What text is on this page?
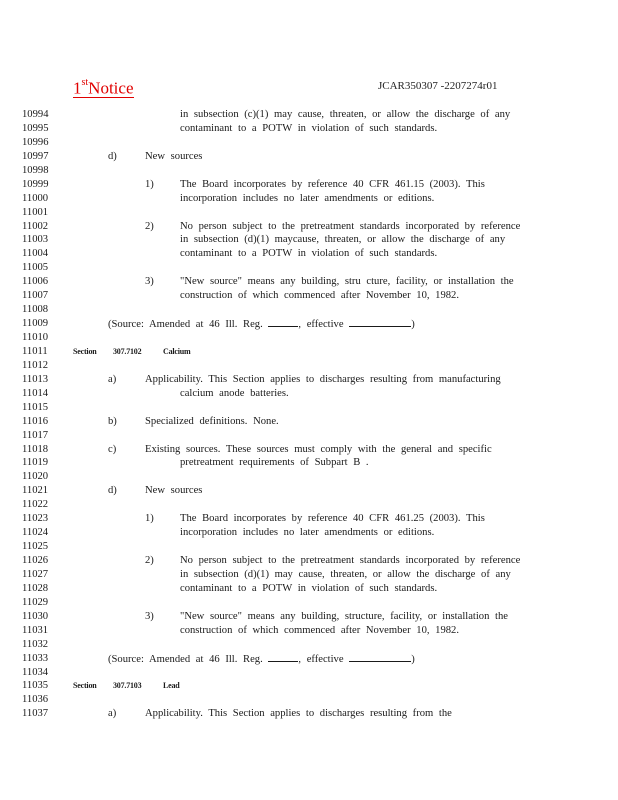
1stNotice	JCAR350307 -2207274r01
10994	in subsection (c)(1) may cause, threaten, or allow the discharge of any
10995	contaminant to a POTW in violation of such standards.
10996
10997	d)	New sources
10998
10999	1) The Board incorporates by reference 40 CFR 461.15 (2003). This
11000	incorporation includes no later amendments or editions.
11001
11002	2) No person subject to the pretreatment standards incorporated by reference
11003	in subsection (d)(1) maycause, threaten, or allow the discharge of any
11004	contaminant to a POTW in violation of such standards.
11005
11006	3) "New source" means any building, stru cture, facility, or installation the
11007	construction of which commenced after November 10, 1982.
11008
11009	(Source: Amended at 46 Ill. Reg.	, effective	)
11010
11011	Section 307.7102	Calcium
11012
11013	a)	Applicability. This Section applies to discharges resulting from manufacturing
11014	calcium anode batteries.
11015
11016	b)	Specialized definitions. None.
11017
11018	c)	Existing sources. These sources must comply with the general and specific
11019	pretreatment requirements of Subpart B .
11020
11021	d)	New sources
11022
11023	1) The Board incorporates by reference 40 CFR 461.25 (2003). This
11024	incorporation includes no later amendments or editions.
11025
11026	2) No person subject to the pretreatment standards incorporated by reference
11027	in subsection (d)(1) may cause, threaten, or allow the discharge of any
11028	contaminant to a POTW in violation of such standards.
11029
11030	3) "New source" means any building, structure, facility, or installation the
11031	construction of which commenced after November 10, 1982.
11032
11033	(Source: Amended at 46 Ill. Reg.	, effective	)
11034
11035	Section 307.7103	Lead
11036
11037	a)	Applicability. This Section applies to discharges resulting from the
